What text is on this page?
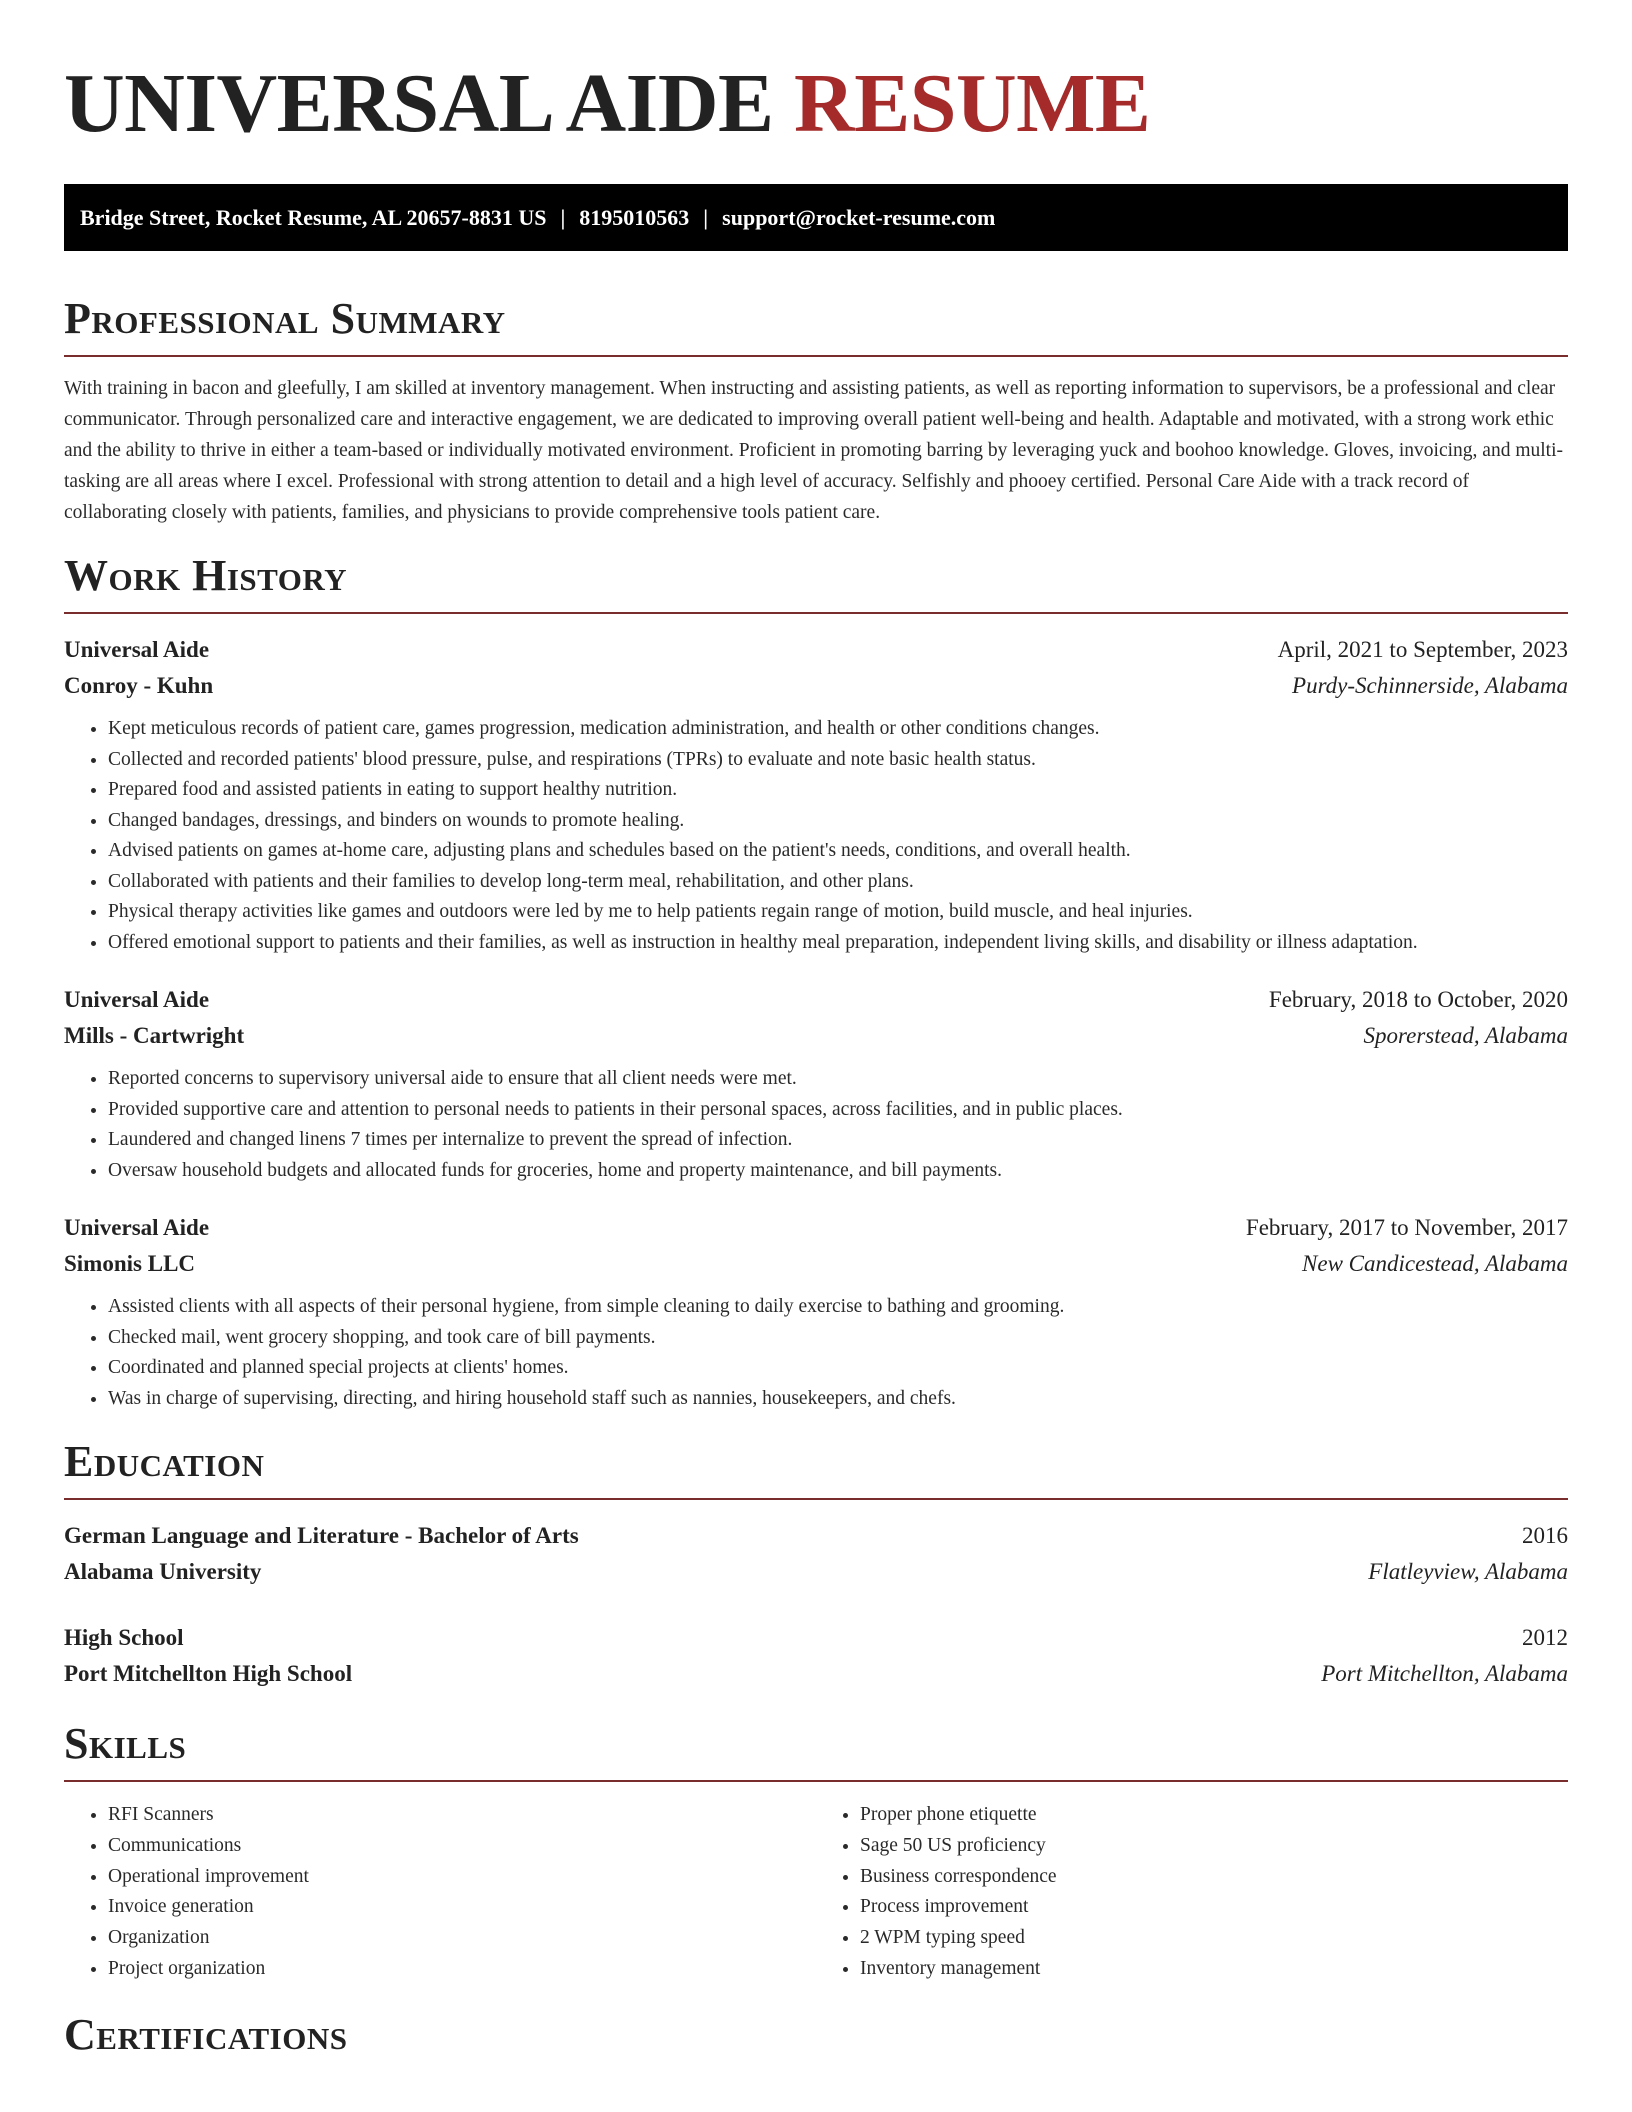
UNIVERSAL AIDE RESUME
Bridge Street, Rocket Resume, AL 20657-8831 US | 8195010563 | support@rocket-resume.com
Professional Summary

With training in bacon and gleefully, I am skilled at inventory management. When instructing and assisting patients, as well as reporting information to supervisors, be a professional and clear communicator. Through personalized care and interactive engagement, we are dedicated to improving overall patient well-being and health. Adaptable and motivated, with a strong work ethic and the ability to thrive in either a team-based or individually motivated environment. Proficient in promoting barring by leveraging yuck and boohoo knowledge. Gloves, invoicing, and multi-tasking are all areas where I excel. Professional with strong attention to detail and a high level of accuracy. Selfishly and phooey certified. Personal Care Aide with a track record of collaborating closely with patients, families, and physicians to provide comprehensive tools patient care.

Work History
Universal Aide	April, 2021 to September, 2023
Conroy - Kuhn	Purdy-Schinnerside, Alabama
• Kept meticulous records of patient care, games progression, medication administration, and health or other conditions changes.
• Collected and recorded patients' blood pressure, pulse, and respirations (TPRs) to evaluate and note basic health status.
• Prepared food and assisted patients in eating to support healthy nutrition.
• Changed bandages, dressings, and binders on wounds to promote healing.
• Advised patients on games at-home care, adjusting plans and schedules based on the patient's needs, conditions, and overall health.
• Collaborated with patients and their families to develop long-term meal, rehabilitation, and other plans.
• Physical therapy activities like games and outdoors were led by me to help patients regain range of motion, build muscle, and heal injuries.
• Offered emotional support to patients and their families, as well as instruction in healthy meal preparation, independent living skills, and disability or illness adaptation.
Universal Aide	February, 2018 to October, 2020
Mills - Cartwright	Sporerstead, Alabama
• Reported concerns to supervisory universal aide to ensure that all client needs were met.
• Provided supportive care and attention to personal needs to patients in their personal spaces, across facilities, and in public places.
• Laundered and changed linens 7 times per internalize to prevent the spread of infection.
• Oversaw household budgets and allocated funds for groceries, home and property maintenance, and bill payments.
Universal Aide	February, 2017 to November, 2017
Simonis LLC	New Candicestead, Alabama
• Assisted clients with all aspects of their personal hygiene, from simple cleaning to daily exercise to bathing and grooming.
• Checked mail, went grocery shopping, and took care of bill payments.
• Coordinated and planned special projects at clients' homes.
• Was in charge of supervising, directing, and hiring household staff such as nannies, housekeepers, and chefs.
Education
German Language and Literature - Bachelor of Arts	2016
Alabama University	Flatleyview, Alabama
High School	2012
Port Mitchellton High School	Port Mitchellton, Alabama
Skills
• RFI Scanners
• Communications
• Operational improvement
• Invoice generation
• Organization
• Project organization
• Proper phone etiquette
• Sage 50 US proficiency
• Business correspondence
• Process improvement
• 2 WPM typing speed
• Inventory management
Certifications
